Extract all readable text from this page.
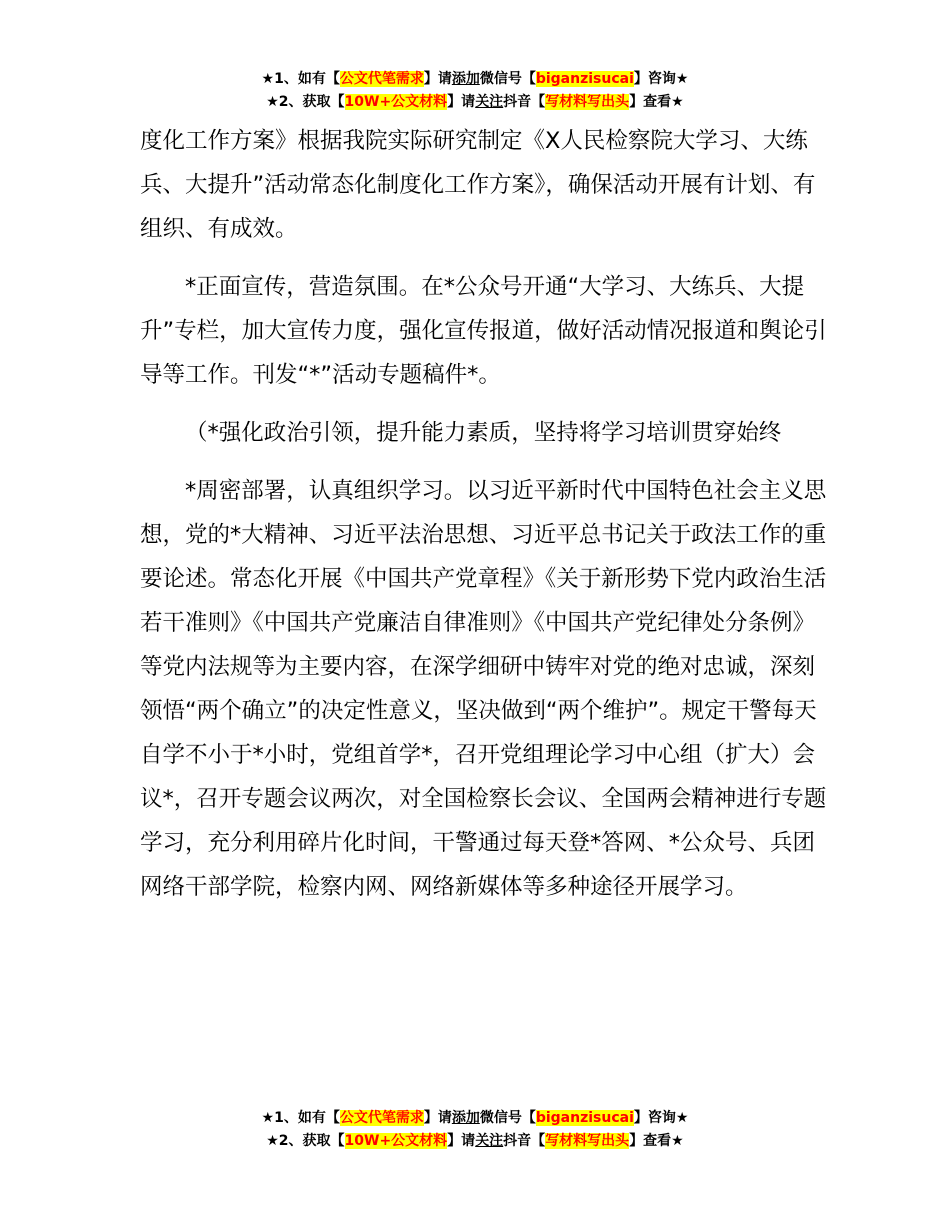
★1、如有【公文代笔需求】请添加微信号【biganzisucai】咨询★
★2、获取【10W+公文材料】请关注抖音【写材料写出头】查看★

度化工作方案》根据我院实际研究制定《X人民检察院大学习、大练兵、大提升”活动常态化制度化工作方案》，确保活动开展有计划、有组织、有成效。

*正面宣传，营造氛围。在*公众号开通“大学习、大练兵、大提升”专栏，加大宣传力度，强化宣传报道，做好活动情况报道和舆论引导等工作。刊发“*”活动专题稿件*。

（*强化政治引领，提升能力素质，坚持将学习培训贯穿始终

*周密部署，认真组织学习。以习近平新时代中国特色社会主义思想，党的*大精神、习近平法治思想、习近平总书记关于政法工作的重要论述。常态化开展《中国共产党章程》《关于新形势下党内政治生活若干准则》《中国共产党廉洁自律准则》《中国共产党纪律处分条例》等党内法规等为主要内容，在深学细研中铸牢对党的绝对忠诚，深刻领悟“两个确立”的决定性意义，坚决做到“两个维护”。规定干警每天自学不小于*小时，党组首学*，召开党组理论学习中心组（扩大）会议*，召开专题会议两次，对全国检察长会议、全国两会精神进行专题学习，充分利用碎片化时间，干警通过每天登*答网、*公众号、兵团网络干部学院，检察内网、网络新媒体等多种途径开展学习。

★1、如有【公文代笔需求】请添加微信号【biganzisucai】咨询★
★2、获取【10W+公文材料】请关注抖音【写材料写出头】查看★
